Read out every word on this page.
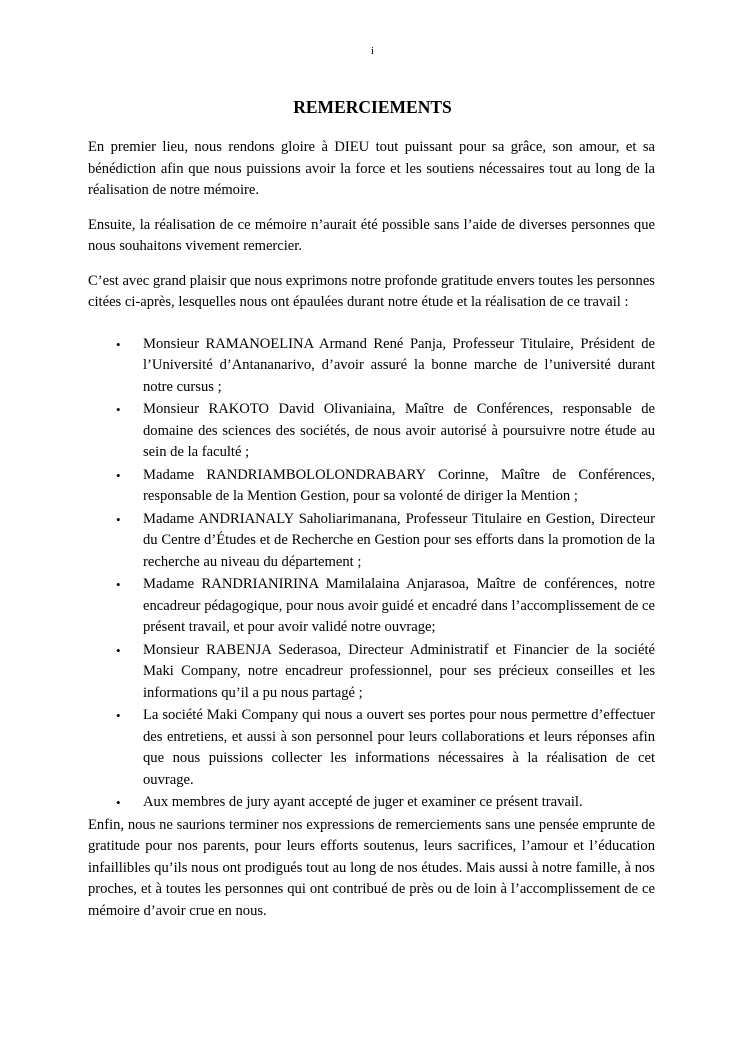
i
REMERCIEMENTS

En premier lieu, nous rendons gloire à DIEU tout puissant pour sa grâce, son amour, et sa bénédiction afin que nous puissions avoir la force et les soutiens nécessaires tout au long de la réalisation de notre mémoire.

Ensuite, la réalisation de ce mémoire n’aurait été possible sans l’aide de diverses personnes que nous souhaitons vivement remercier.

C’est avec grand plaisir que nous exprimons notre profonde gratitude envers toutes les personnes citées ci-après, lesquelles nous ont épaulées durant notre étude et la réalisation de ce travail :

• Monsieur RAMANOELINA Armand René Panja, Professeur Titulaire, Président de l’Université d’Antananarivo, d’avoir assuré la bonne marche de l’université durant notre cursus ;
• Monsieur RAKOTO David Olivaniaina, Maître de Conférences, responsable de domaine des sciences des sociétés, de nous avoir autorisé à poursuivre notre étude au sein de la faculté ;
• Madame RANDRIAMBOLOLONDRABARY Corinne, Maître de Conférences, responsable de la Mention Gestion, pour sa volonté de diriger la Mention ;
• Madame ANDRIANALY Saholiarimanana, Professeur Titulaire en Gestion, Directeur du Centre d’Études et de Recherche en Gestion pour ses efforts dans la promotion de la recherche au niveau du département ;
• Madame RANDRIANIRINA Mamilalaina Anjarasoa, Maître de conférences, notre encadreur pédagogique, pour nous avoir guidé et encadré dans l’accomplissement de ce présent travail, et pour avoir validé notre ouvrage;
• Monsieur RABENJA Sederasoa, Directeur Administratif et Financier de la société Maki Company, notre encadreur professionnel, pour ses précieux conseilles et les informations qu’il a pu nous partagé ;
• La société Maki Company qui nous a ouvert ses portes pour nous permettre d’effectuer des entretiens, et aussi à son personnel pour leurs collaborations et leurs réponses afin que nous puissions collecter les informations nécessaires à la réalisation de cet ouvrage.
• Aux membres de jury ayant accepté de juger et examiner ce présent travail.

Enfin, nous ne saurions terminer nos expressions de remerciements sans une pensée emprunte de gratitude pour nos parents, pour leurs efforts soutenus, leurs sacrifices, l’amour et l’éducation infaillibles qu’ils nous ont prodigués tout au long de nos études. Mais aussi à notre famille, à nos proches, et à toutes les personnes qui ont contribué de près ou de loin à l’accomplissement de ce mémoire d’avoir crue en nous.
